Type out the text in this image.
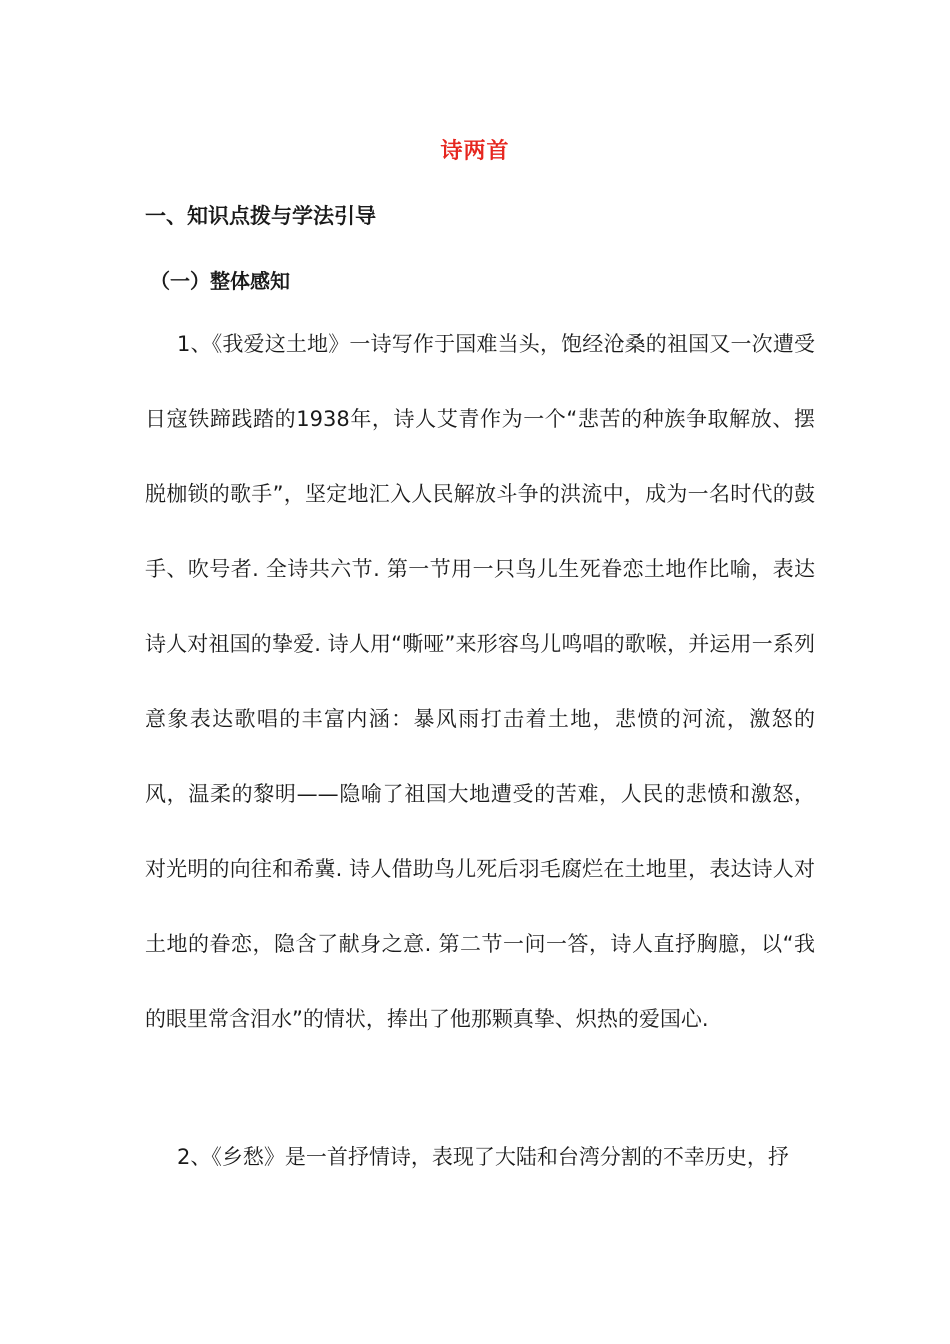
诗两首
一、知识点拨与学法引导
（一）整体感知

1、《我爱这土地》一诗写作于国难当头，饱经沧桑的祖国又一次遭受日寇铁蹄践踏的1938年，诗人艾青作为一个“悲苦的种族争取解放、摆脱枷锁的歌手”，坚定地汇入人民解放斗争的洪流中，成为一名时代的鼓手、吹号者. 全诗共六节. 第一节用一只鸟儿生死眷恋土地作比喻，表达诗人对祖国的挚爱. 诗人用“嘶哑”来形容鸟儿鸣唱的歌喉，并运用一系列意象表达歌唱的丰富内涵：暴风雨打击着土地，悲愤的河流，激怒的风，温柔的黎明——隐喻了祖国大地遭受的苦难，人民的悲愤和激怒，对光明的向往和希冀. 诗人借助鸟儿死后羽毛腐烂在土地里，表达诗人对土地的眷恋，隐含了献身之意. 第二节一问一答，诗人直抒胸臆，以“我的眼里常含泪水”的情状，捧出了他那颗真挚、炽热的爱国心.

2、《乡愁》是一首抒情诗，表现了大陆和台湾分割的不幸历史，抒
